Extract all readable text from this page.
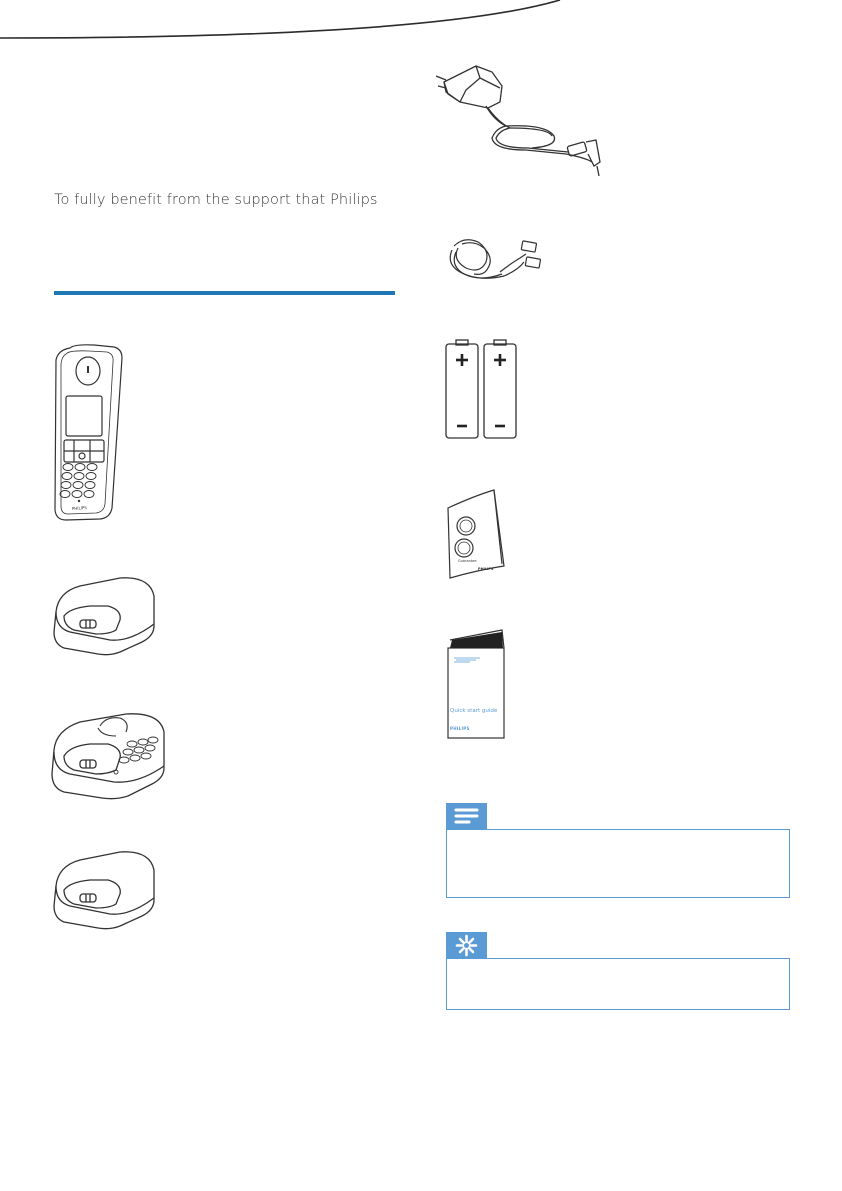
To fully benefit from the support that Philips
PHILIPS
Guarantee
PHILIPS
Quick start guide
PHILIPS
